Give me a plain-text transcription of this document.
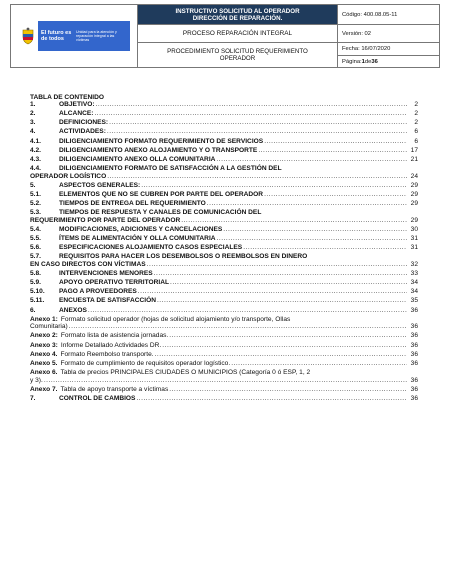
El futuro es de todos
Unidad para la atención y reparación integral a las víctimas
INSTRUCTIVO SOLICITUD AL OPERADOR
DIRECCIÓN DE REPARACIÓN.
PROCESO REPARACIÓN INTEGRAL
PROCEDIMIENTO SOLICITUD REQUERIMIENTO
OPERADOR
Código: 400.08.05-11
Versión: 02
Fecha: 16/07/2020
Página: 1 de 36
TABLA DE CONTENIDO
1.	OBJETIVO: .....	2
2.	ALCANCE: .....	2
3.	DEFINICIONES: .....	2
4.	ACTIVIDADES: .....	6
4.1.	DILIGENCIAMIENTO FORMATO REQUERIMIENTO DE SERVICIOS .....	6
4.2.	DILIGENCIAMIENTO ANEXO ALOJAMIENTO Y O TRANSPORTE .....	17
4.3.	DILIGENCIAMIENTO ANEXO OLLA COMUNITARIA .....	21
4.4.	DILIGENCIAMIENTO FORMATO DE SATISFACCIÓN A LA GESTIÓN DEL
OPERADOR LOGÍSTICO .....	24
5.	ASPECTOS GENERALES: .....	29
5.1.	ELEMENTOS QUE NO SE CUBREN POR PARTE DEL OPERADOR .....	29
5.2.	TIEMPOS DE ENTREGA DEL REQUERIMIENTO .....	29
5.3.	TIEMPOS DE RESPUESTA Y CANALES DE COMUNICACIÓN DEL
REQUERIMIENTO POR PARTE DEL OPERADOR .....	29
5.4.	MODIFICACIONES, ADICIONES Y CANCELACIONES .....	30
5.5.	ÍTEMS DE ALIMENTACIÓN Y OLLA COMUNITARIA .....	31
5.6.	ESPECIFICACIONES ALOJAMIENTO CASOS ESPECIALES .....	31
5.7.	REQUISITOS PARA HACER LOS DESEMBOLSOS O REEMBOLSOS EN DINERO
EN CASO DIRECTOS CON VÍCTIMAS .....	32
5.8.	INTERVENCIONES MENORES .....	33
5.9.	APOYO OPERATIVO TERRITORIAL .....	34
5.10.	PAGO A PROVEEDORES .....	34
5.11.	ENCUESTA DE SATISFACCIÓN .....	35
6.	ANEXOS .....	36
Anexo 1: Formato solicitud operador (hojas de solicitud alojamiento y/o transporte, Ollas
Comunitaria) .....	36
Anexo 2: Formato lista de asistencia jornadas. .....	36
Anexo 3: Informe Detallado Actividades DR. .....	36
Anexo 4. Formato Reembolso transporte. .....	36
Anexo 5. Formato de cumplimiento de requisitos operador logístico. .....	36
Anexo 6. Tabla de precios PRINCIPALES CIUDADES O MUNICIPIOS (Categoría 0 ó ESP, 1, 2
y 3). .....	36
Anexo 7. Tabla de apoyo transporte a víctimas .....	36
7.	CONTROL DE CAMBIOS .....	36
